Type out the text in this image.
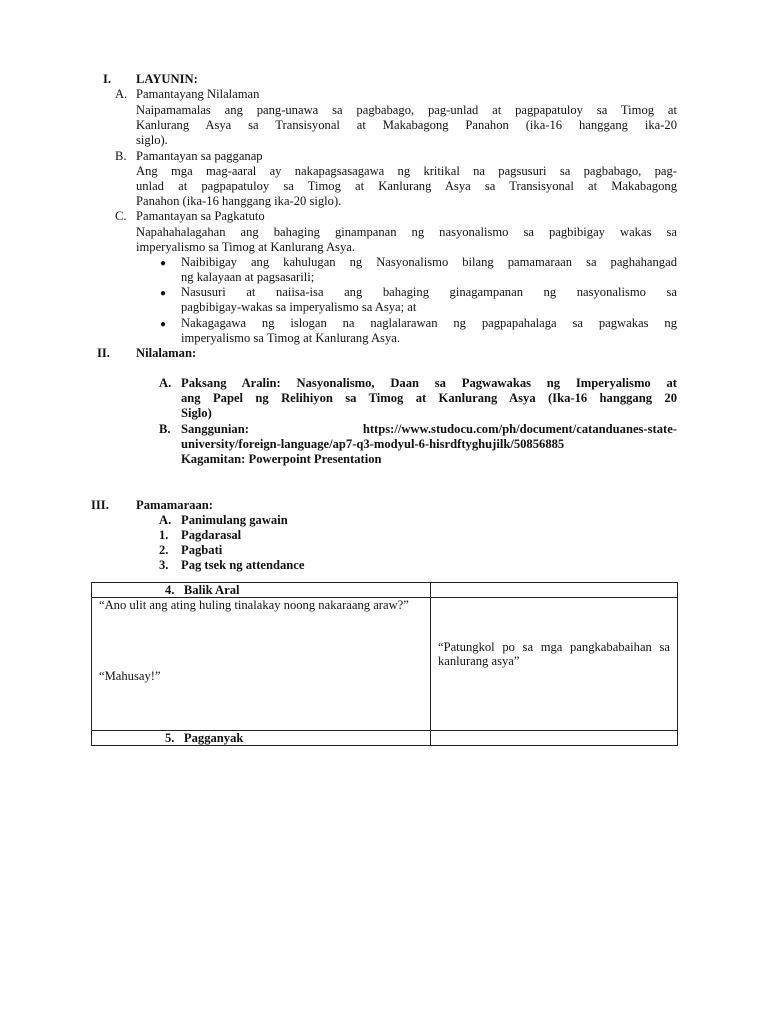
I. LAYUNIN:
A. Pamantayang Nilalaman
Naipamamalas ang pang-unawa sa pagbabago, pag-unlad at pagpapatuloy sa Timog at
Kanlurang Asya sa Transisyonal at Makabagong Panahon (ika-16 hanggang ika-20
siglo).
B. Pamantayan sa pagganap
Ang mga mag-aaral ay nakapagsasagawa ng kritikal na pagsusuri sa pagbabago, pag-
unlad at pagpapatuloy sa Timog at Kanlurang Asya sa Transisyonal at Makabagong
Panahon (ika-16 hanggang ika-20 siglo).
C. Pamantayan sa Pagkatuto
Napahahalagahan ang bahaging ginampanan ng nasyonalismo sa pagbibigay wakas sa
imperyalismo sa Timog at Kanlurang Asya.
● Naibibigay ang kahulugan ng Nasyonalismo bilang pamamaraan sa paghahangad
ng kalayaan at pagsasarili;
● Nasusuri at naiisa-isa ang bahaging ginagampanan ng nasyonalismo sa
pagbibigay-wakas sa imperyalismo sa Asya; at
● Nakagagawa ng islogan na naglalarawan ng pagpapahalaga sa pagwakas ng
imperyalismo sa Timog at Kanlurang Asya.
II. Nilalaman:
A. Paksang Aralin: Nasyonalismo, Daan sa Pagwawakas ng Imperyalismo at
ang Papel ng Relihiyon sa Timog at Kanlurang Asya (Ika-16 hanggang 20
Siglo)
B. Sanggunian:	https://www.studocu.com/ph/document/catanduanes-state-
university/foreign-language/ap7-q3-modyul-6-hisrdftyghujilk/50856885
Kagamitan: Powerpoint Presentation
III. Pamamaraan:
A. Panimulang gawain
1. Pagdarasal
2. Pagbati
3. Pag tsek ng attendance
4. Balik Aral	

“Ano ulit ang ating huling tinalakay noong nakaraang araw?”
“Mahusay!”	“Patungkol po sa mga pangkababaihan sa kanlurang asya”

5. Pagganyak	
